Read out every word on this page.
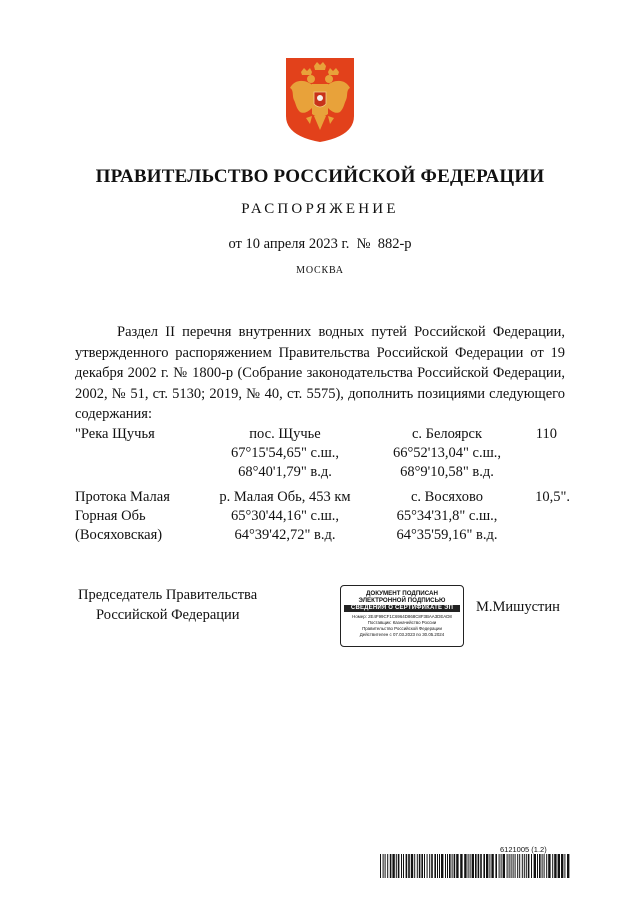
ПРАВИТЕЛЬСТВО РОССИЙСКОЙ ФЕДЕРАЦИИ
РАСПОРЯЖЕНИЕ
от 10 апреля 2023 г.  №  882-р
МОСКВА

Раздел II перечня внутренних водных путей Российской Федерации, утвержденного распоряжением Правительства Российской Федерации от 19 декабря 2002 г. № 1800-р (Собрание законодательства Российской Федерации, 2002, № 51, ст. 5130; 2019, № 40, ст. 5575), дополнить позициями следующего содержания:

"Река Щучья	пос. Щучье
67°15'54,65" с.ш.,
68°40'1,79" в.д.
с. Белоярск
66°52'13,04" с.ш.,
68°9'10,58" в.д.
110
Протока Малая
Горная Обь
(Восяховская)
р. Малая Обь, 453 км
65°30'44,16" с.ш.,
64°39'42,72" в.д.
с. Восяхово
65°34'31,8" с.ш.,
64°35'59,16" в.д.
10,5".
Председатель Правительства
Российской Федерации
ДОКУМЕНТ ПОДПИСАН
ЭЛЕКТРОННОЙ ПОДПИСЬЮ
СВЕДЕНИЯ О СЕРТИФИКАТЕ ЭП
Номер: 2E4F99CF1C6964D868C8F3BAA3DEAD8
Поставщик: Казначейство России
Правительство Российской Федерации
Действителен с 07.03.2023 по 30.05.2024
М.Мишустин
6121005 (1.2)
